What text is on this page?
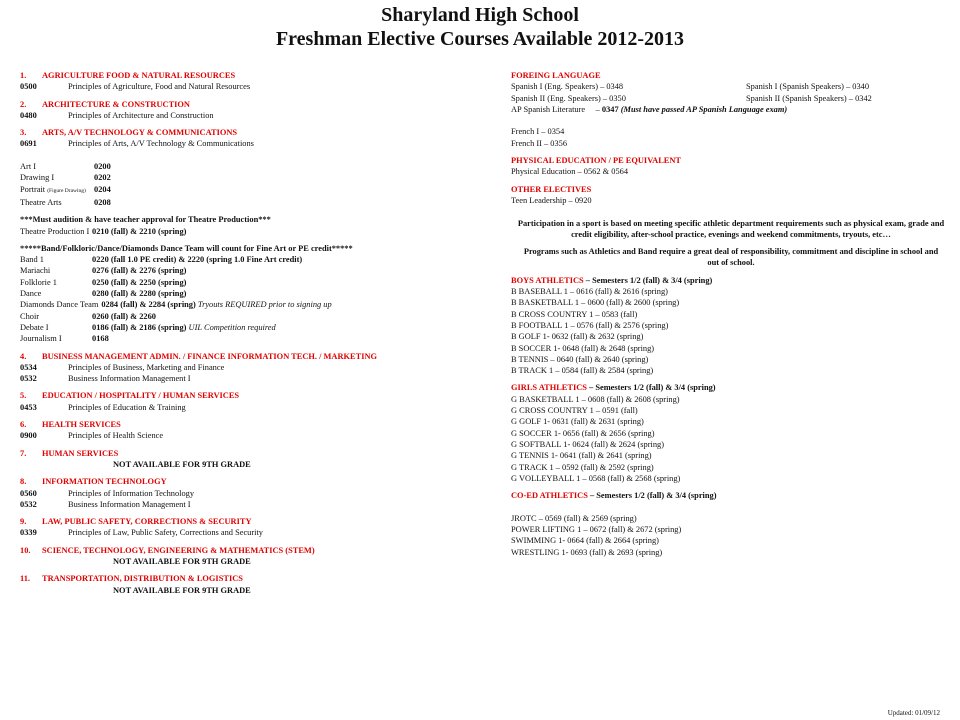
Sharyland High School
Freshman Elective Courses Available 2012-2013
1. AGRICULTURE FOOD & NATURAL RESOURCES
0500	Principles of Agriculture, Food and Natural Resources
2. ARCHITECTURE & CONSTRUCTION
0480	Principles of Architecture and Construction
3. ARTS, A/V TECHNOLOGY & COMMUNICATIONS
0691	Principles of Arts, A/V Technology & Communications
Art I	0200
Drawing I	0202
Portrait (Figure Drawing) 0204
Theatre Arts	0208
***Must audition & have teacher approval for Theatre Production***
Theatre Production I 0210 (fall) & 2210 (spring)
*****Band/Folkloric/Dance/Diamonds Dance Team will count for Fine Art or PE credit*****
Band 1	0220 (fall 1.0 PE credit) & 2220 (spring 1.0 Fine Art credit)
Mariachi	0276 (fall) & 2276 (spring)
Folklorie 1	0250 (fall) & 2250 (spring)
Dance	0280 (fall) & 2280 (spring)
Diamonds Dance Team 0284 (fall) & 2284 (spring) Tryouts REQUIRED prior to signing up
Choir	0260 (fall) & 2260
Debate I	0186 (fall) & 2186 (spring) UIL Competition required
Journalism I	0168
4. BUSINESS MANAGEMENT ADMIN. / FINANCE INFORMATION TECH. / MARKETING
0534	Principles of Business, Marketing and Finance
0532	Business Information Management I
5. EDUCATION / HOSPITALITY / HUMAN SERVICES
0453	Principles of Education & Training
6. HEALTH SERVICES
0900	Principles of Health Science
7. HUMAN SERVICES
NOT AVAILABLE FOR 9TH GRADE
8. INFORMATION TECHNOLOGY
0560	Principles of Information Technology
0532	Business Information Management I
9. LAW, PUBLIC SAFETY, CORRECTIONS & SECURITY
0339	Principles of Law, Public Safety, Corrections and Security
10. SCIENCE, TECHNOLOGY, ENGINEERING & MATHEMATICS (STEM)
NOT AVAILABLE FOR 9TH GRADE
11. TRANSPORTATION, DISTRIBUTION & LOGISTICS
NOT AVAILABLE FOR 9TH GRADE
FOREING LANGUAGE
Spanish I (Eng. Speakers) – 0348	Spanish I (Spanish Speakers) – 0340
Spanish II (Eng. Speakers) – 0350	Spanish II (Spanish Speakers) – 0342
AP Spanish Literature     – 0347 (Must have passed AP Spanish Language exam)
French I – 0354
French II – 0356
PHYSICAL EDUCATION / PE EQUIVALENT
Physical Education – 0562 & 0564
OTHER ELECTIVES
Teen Leadership – 0920
Participation in a sport is based on meeting specific athletic department requirements such as physical exam, grade and credit eligibility, after-school practice, evenings and weekend commitments, tryouts, etc…
Programs such as Athletics and Band require a great deal of responsibility, commitment and discipline in school and out of school.
BOYS ATHLETICS – Semesters 1/2 (fall) & 3/4 (spring)
B BASEBALL 1 – 0616 (fall) & 2616 (spring)
B BASKETBALL 1 – 0600 (fall) & 2600 (spring)
B CROSS COUNTRY 1 – 0583 (fall)
B FOOTBALL 1 – 0576 (fall) & 2576 (spring)
B GOLF 1- 0632 (fall) & 2632 (spring)
B SOCCER 1- 0648 (fall) & 2648 (spring)
B TENNIS – 0640 (fall) & 2640 (spring)
B TRACK 1 – 0584 (fall) & 2584 (spring)
GIRLS ATHLETICS – Semesters 1/2 (fall) & 3/4 (spring)
G BASKETBALL 1 – 0608 (fall) & 2608 (spring)
G CROSS COUNTRY 1 – 0591 (fall)
G GOLF 1- 0631 (fall) & 2631 (spring)
G SOCCER 1- 0656 (fall) & 2656 (spring)
G SOFTBALL 1- 0624 (fall) & 2624 (spring)
G TENNIS 1- 0641 (fall) & 2641 (spring)
G TRACK 1 – 0592 (fall) & 2592 (spring)
G VOLLEYBALL 1 – 0568 (fall) & 2568 (spring)
CO-ED ATHLETICS – Semesters 1/2 (fall) & 3/4 (spring)
JROTC – 0569 (fall) & 2569 (spring)
POWER LIFTING 1 – 0672 (fall) & 2672 (spring)
SWIMMING 1- 0664 (fall) & 2664 (spring)
WRESTLING 1- 0693 (fall) & 2693 (spring)
Updated: 01/09/12
